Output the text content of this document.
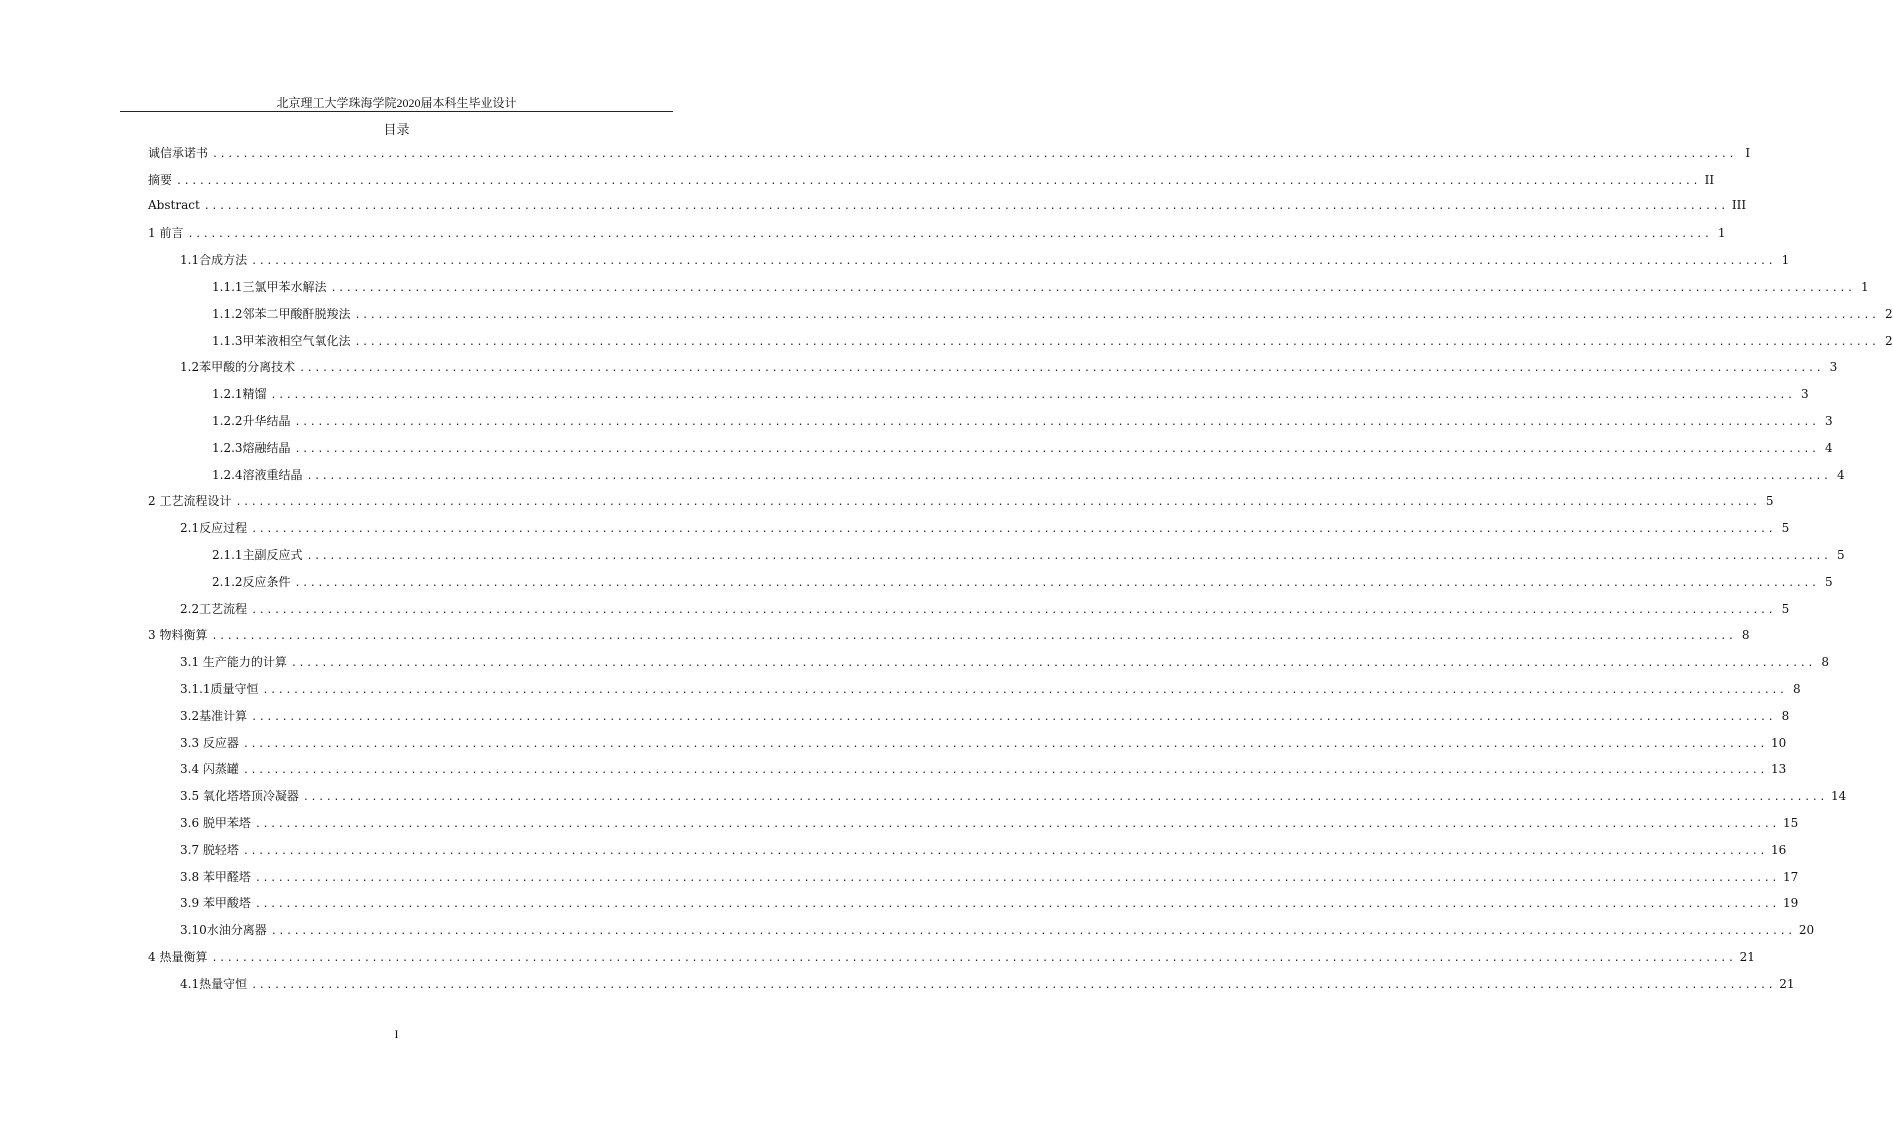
北京理工大学珠海学院2020届本科生毕业设计
目录
诚信承诺书 ........................................................................................................................................................................................................ I
摘要 ........................................................................................................................................................................................................ II
Abstract ........................................................................................................................................................................................................ III
1 前言 ........................................................................................................................................................................................................ 1
1.1合成方法 ........................................................................................................................................................................................................ 1
1.1.1三氯甲苯水解法 ........................................................................................................................................................................................................ 1
1.1.2邻苯二甲酸酐脱羧法 ........................................................................................................................................................................................................ 2
1.1.3甲苯液相空气氧化法 ........................................................................................................................................................................................................ 2
1.2苯甲酸的分离技术 ........................................................................................................................................................................................................ 3
1.2.1精馏 ........................................................................................................................................................................................................ 3
1.2.2升华结晶 ........................................................................................................................................................................................................ 3
1.2.3熔融结晶 ........................................................................................................................................................................................................ 4
1.2.4溶液重结晶 ........................................................................................................................................................................................................ 4
2 工艺流程设计 ........................................................................................................................................................................................................ 5
2.1反应过程 ........................................................................................................................................................................................................ 5
2.1.1主副反应式 ........................................................................................................................................................................................................ 5
2.1.2反应条件 ........................................................................................................................................................................................................ 5
2.2工艺流程 ........................................................................................................................................................................................................ 5
3 物料衡算 ........................................................................................................................................................................................................ 8
3.1 生产能力的计算 ........................................................................................................................................................................................................ 8
3.1.1质量守恒 ........................................................................................................................................................................................................ 8
3.2基准计算 ........................................................................................................................................................................................................ 8
3.3 反应器 ........................................................................................................................................................................................................ 10
3.4 闪蒸罐 ........................................................................................................................................................................................................ 13
3.5 氧化塔塔顶冷凝器 ........................................................................................................................................................................................................ 14
3.6 脱甲苯塔 ........................................................................................................................................................................................................ 15
3.7 脱轻塔 ........................................................................................................................................................................................................ 16
3.8 苯甲醛塔 ........................................................................................................................................................................................................ 17
3.9 苯甲酸塔 ........................................................................................................................................................................................................ 19
3.10水油分离器 ........................................................................................................................................................................................................ 20
4 热量衡算 ........................................................................................................................................................................................................ 21
4.1热量守恒 ........................................................................................................................................................................................................ 21
I
